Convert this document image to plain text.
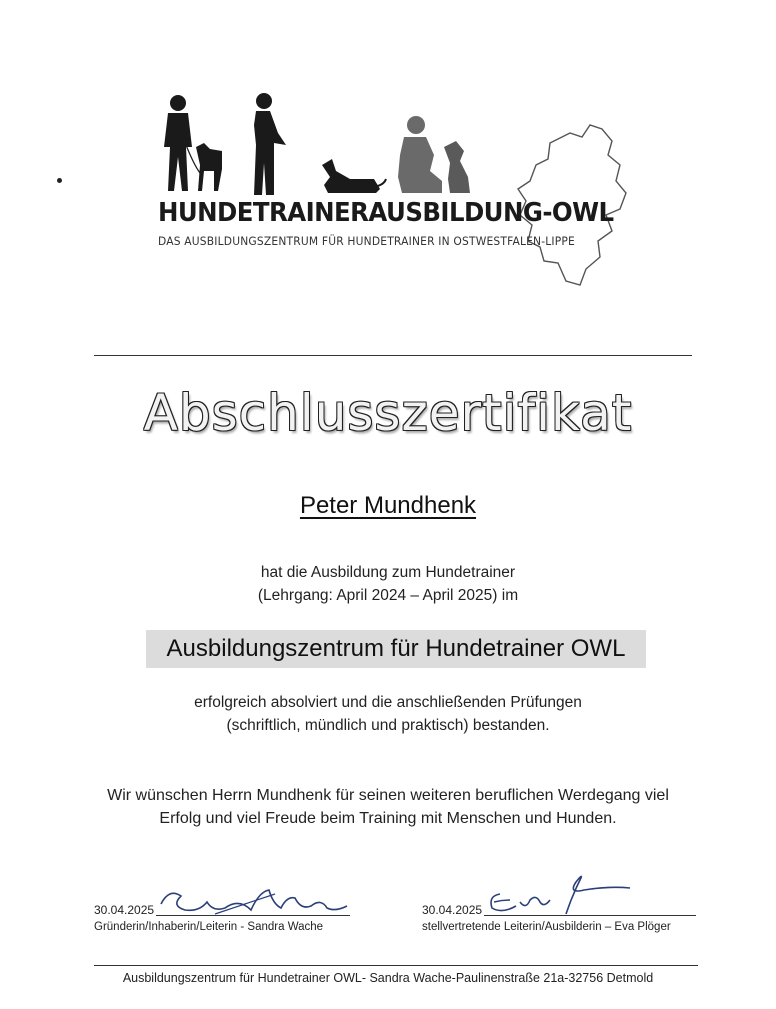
HUNDETRAINERAUSBILDUNG-OWL
DAS AUSBILDUNGSZENTRUM FÜR HUNDETRAINER IN OSTWESTFALEN-LIPPE
Abschlusszertifikat
Peter Mundhenk
hat die Ausbildung zum Hundetrainer
(Lehrgang: April 2024 – April 2025) im
Ausbildungszentrum für Hundetrainer OWL
erfolgreich absolviert und die anschließenden Prüfungen
(schriftlich, mündlich und praktisch) bestanden.
Wir wünschen Herrn Mundhenk für seinen weiteren beruflichen Werdegang viel
Erfolg und viel Freude beim Training mit Menschen und Hunden.
30.04.2025
Gründerin/Inhaberin/Leiterin - Sandra Wache
30.04.2025
stellvertretende Leiterin/Ausbilderin – Eva Plöger
Ausbildungszentrum für Hundetrainer OWL- Sandra Wache-Paulinenstraße 21a-32756 Detmold
